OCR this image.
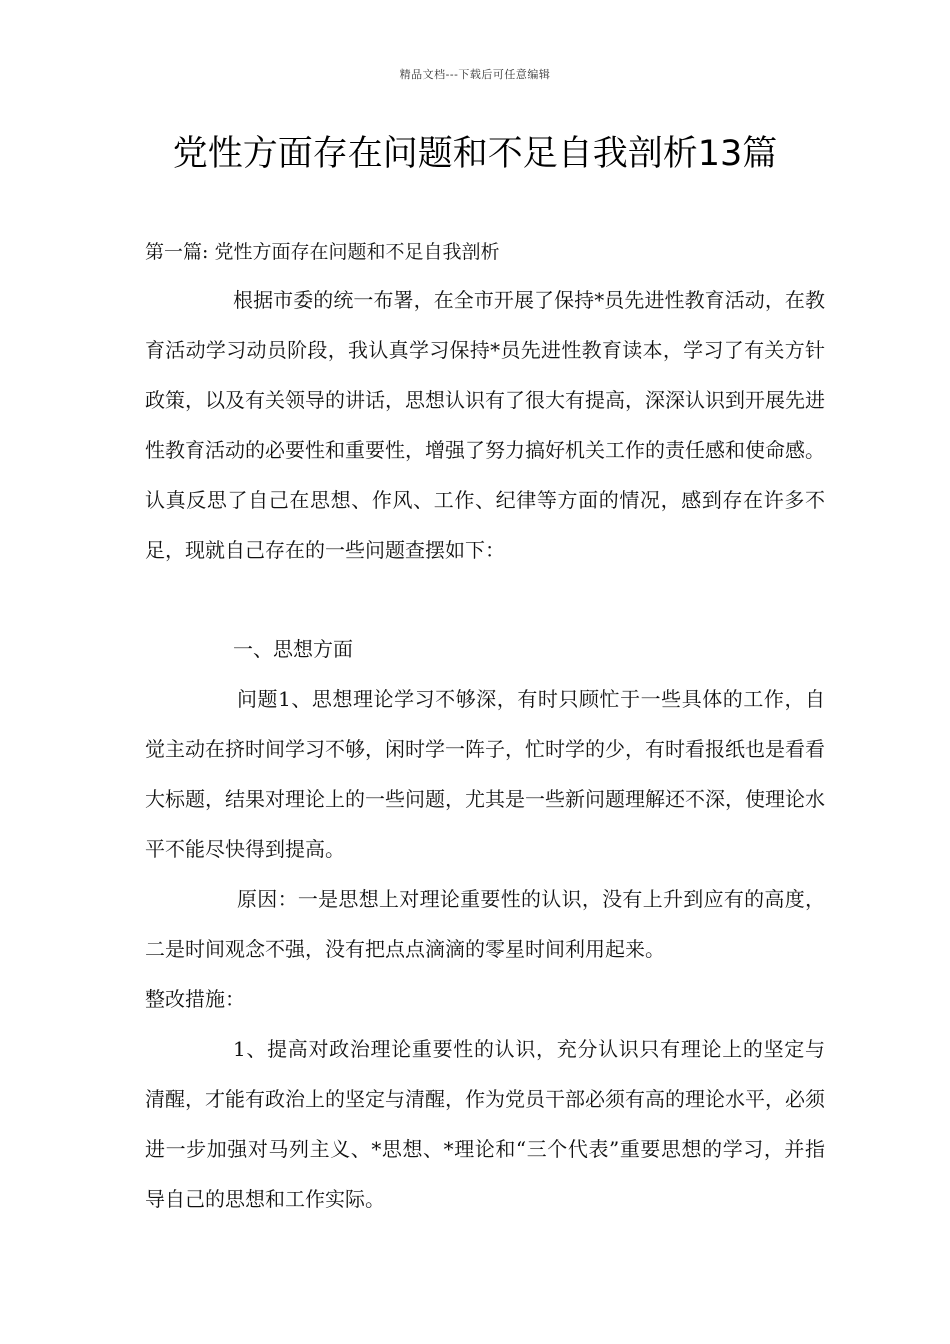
精品文档---下载后可任意编辑
党性方面存在问题和不足自我剖析13篇

第一篇: 党性方面存在问题和不足自我剖析

根据市委的统一布署，在全市开展了保持*员先进性教育活动，在教育活动学习动员阶段，我认真学习保持*员先进性教育读本，学习了有关方针政策，以及有关领导的讲话，思想认识有了很大有提高，深深认识到开展先进性教育活动的必要性和重要性，增强了努力搞好机关工作的责任感和使命感。认真反思了自己在思想、作风、工作、纪律等方面的情况，感到存在许多不足，现就自己存在的一些问题查摆如下：

一、思想方面

问题1、思想理论学习不够深，有时只顾忙于一些具体的工作，自觉主动在挤时间学习不够，闲时学一阵子，忙时学的少，有时看报纸也是看看大标题，结果对理论上的一些问题，尤其是一些新问题理解还不深，使理论水平不能尽快得到提高。

原因：一是思想上对理论重要性的认识，没有上升到应有的高度，二是时间观念不强，没有把点点滴滴的零星时间利用起来。

整改措施：

1、提高对政治理论重要性的认识，充分认识只有理论上的坚定与清醒，才能有政治上的坚定与清醒，作为党员干部必须有高的理论水平，必须进一步加强对马列主义、*思想、*理论和“三个代表”重要思想的学习，并指导自己的思想和工作实际。
